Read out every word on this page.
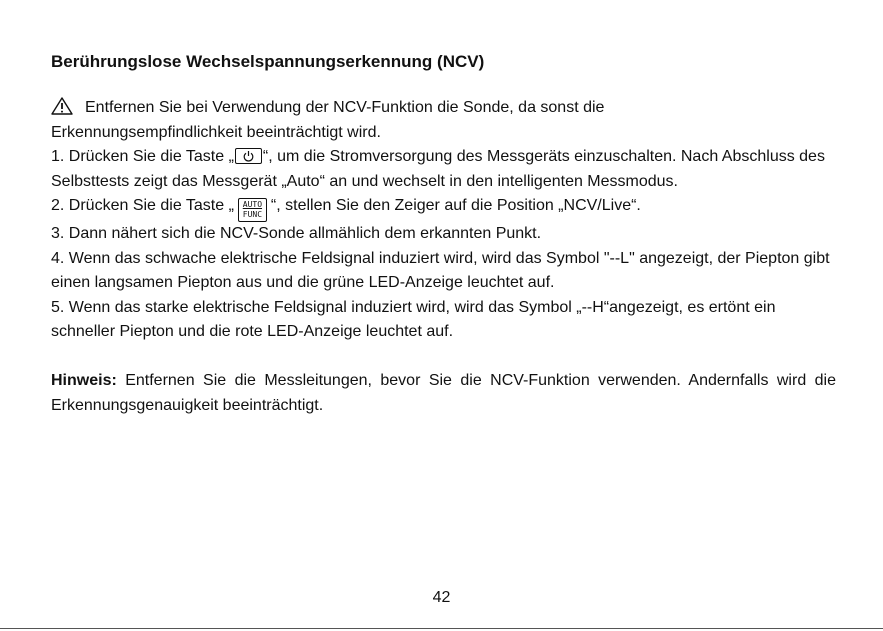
Berührungslose Wechselspannungserkennung (NCV)

Entfernen Sie bei Verwendung der NCV-Funktion die Sonde, da sonst die

Erkennungsempfindlichkeit beeinträchtigt wird.

1. Drücken Sie die Taste „ “, um die Stromversorgung des Messgeräts einzuschalten. Nach Abschluss des Selbsttests zeigt das Messgerät „Auto“ an und wechselt in den intelligenten Messmodus.

2. Drücken Sie die Taste „	AUTO
FUNC
“, stellen Sie den Zeiger auf die Position „NCV/Live“.

3. Dann nähert sich die NCV-Sonde allmählich dem erkannten Punkt.

4. Wenn das schwache elektrische Feldsignal induziert wird, wird das Symbol "--L" angezeigt, der Piepton gibt einen langsamen Piepton aus und die grüne LED-Anzeige leuchtet auf.

5. Wenn das starke elektrische Feldsignal induziert wird, wird das Symbol „--H“angezeigt, es ertönt ein schneller Piepton und die rote LED-Anzeige leuchtet auf.

Hinweis: Entfernen Sie die Messleitungen, bevor Sie die NCV-Funktion verwenden. Andernfalls wird die Erkennungsgenauigkeit beeinträchtigt.

42
